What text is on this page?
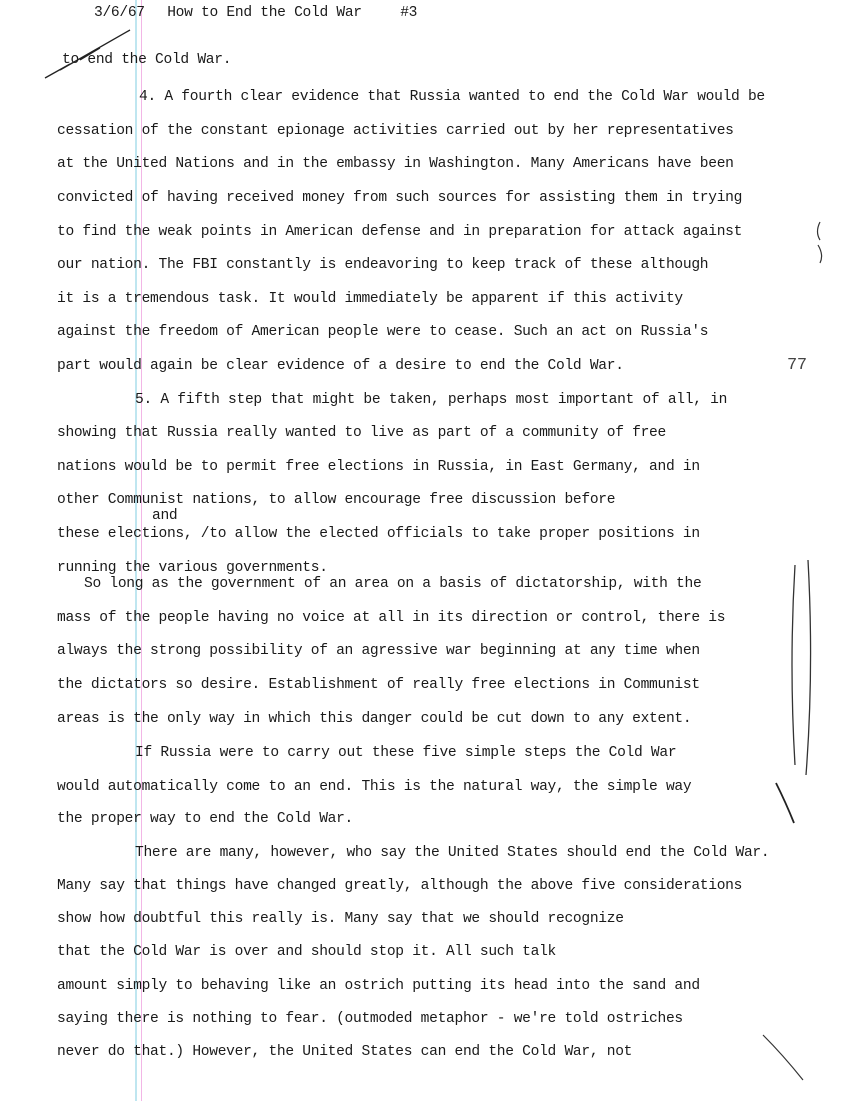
3/6/67 How to End the Cold War	#3
to end the Cold War.
4. A fourth clear evidence that Russia wanted to end the Cold War would be
cessation of the constant epionage activities carried out by her representatives
at the United Nations and in the embassy in Washington. Many Americans have been
convicted of having received money from such sources for assisting them in trying
to find the weak points in American defense and in preparation for attack against
our nation. The FBI constantly is endeavoring to keep track of these although
it is a tremendous task. It would immediately be apparent if this activity
against the freedom of American people were to cease. Such an act on Russia's
part would again be clear evidence of a desire to end the Cold War.
5. A fifth step that might be taken, perhaps most important of all, in
showing that Russia really wanted to live as part of a community of free
nations would be to permit free elections in Russia, in East Germany, and in
other Communist nations, to allow encourage free discussion before
and
these elections, /to allow the elected officials to take proper positions in
running the various governments.
So long as the government of an area on a basis of dictatorship, with the
mass of the people having no voice at all in its direction or control, there is
always the strong possibility of an agressive war beginning at any time when
the dictators so desire. Establishment of really free elections in Communist
areas is the only way in which this danger could be cut down to any extent.
If Russia were to carry out these five simple steps the Cold War
would automatically come to an end. This is the natural way, the simple way
the proper way to end the Cold War.
There are many, however, who say the United States should end the Cold War.
Many say that things have changed greatly, although the above five considerations
show how doubtful this really is. Many say that we should recognize
that the Cold War is over and should stop it. All such talk
amount simply to behaving like an ostrich putting its head into the sand and
saying there is nothing to fear. (outmoded metaphor - we're told ostriches
never do that.) However, the United States can end the Cold War, not
77
